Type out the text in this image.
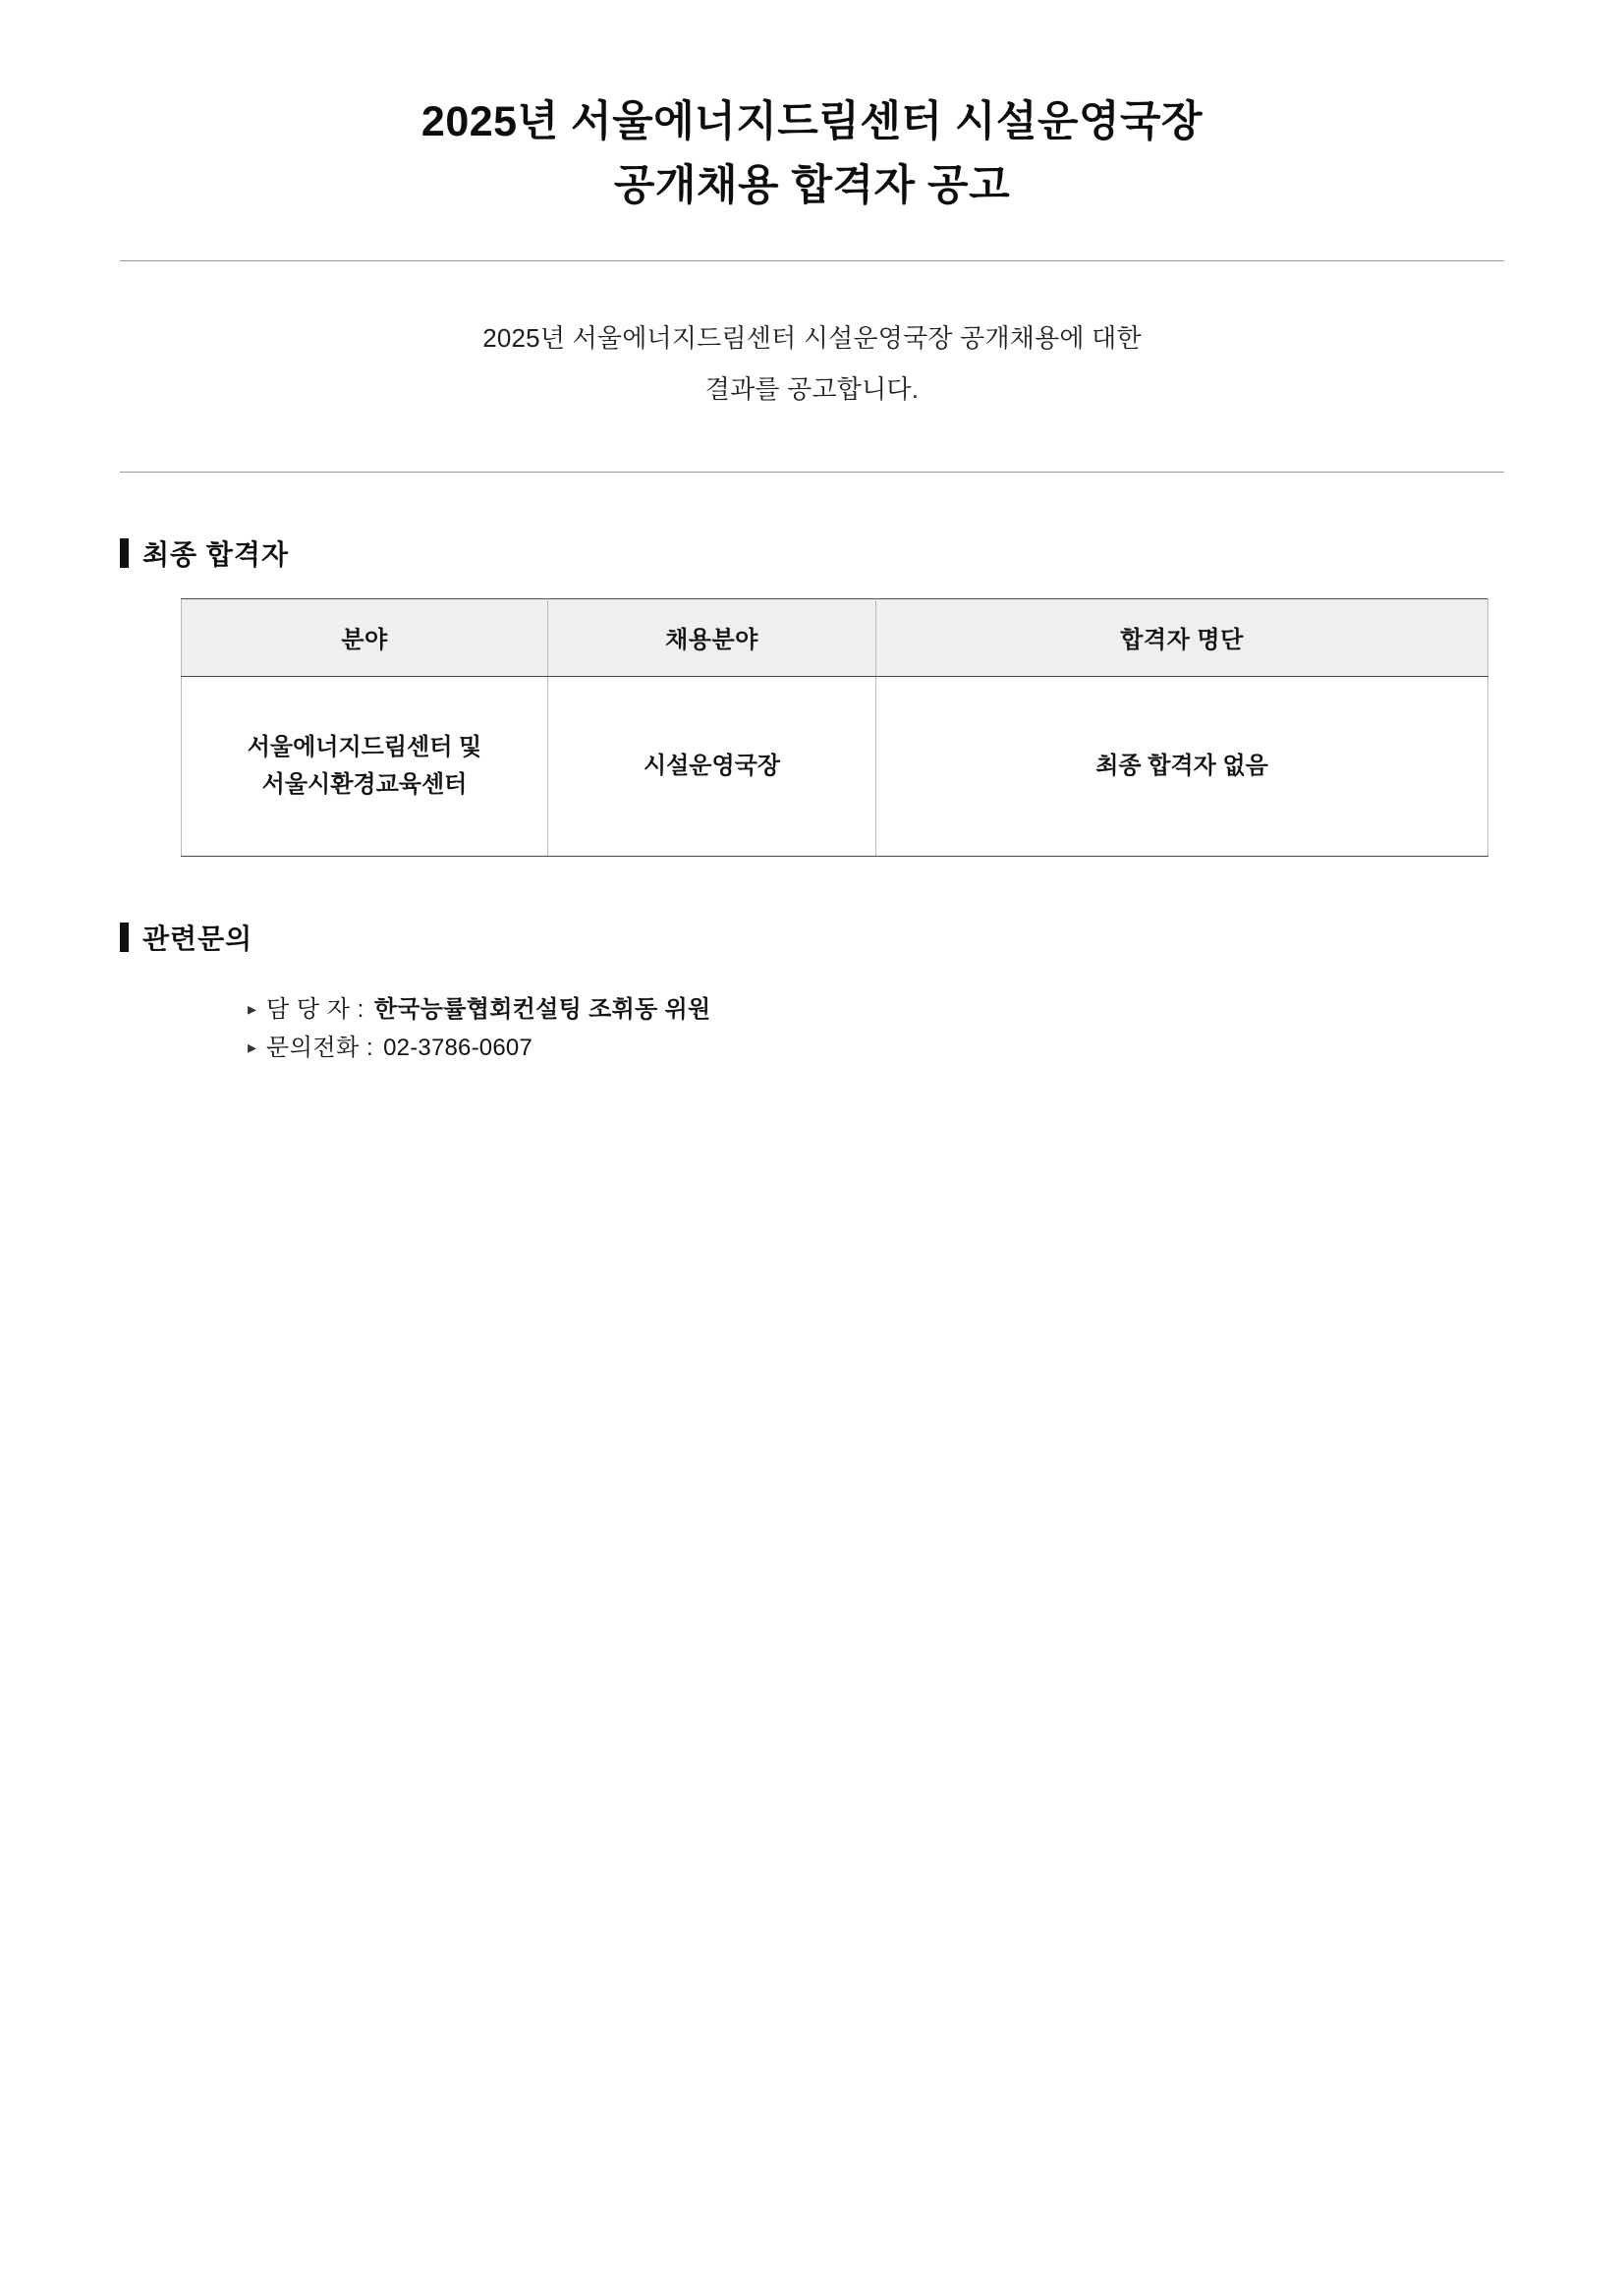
2025년 서울에너지드림센터 시설운영국장
공개채용 합격자 공고
2025년 서울에너지드림센터 시설운영국장 공개채용에 대한
결과를 공고합니다.
최종 합격자
분야	채용분야	합격자 명단
서울에너지드림센터 및
서울시환경교육센터	시설운영국장	최종 합격자 없음
관련문의
▸ 담 당 자 : 한국능률협회컨설팅 조휘동 위원
▸ 문의전화 : 02-3786-0607
